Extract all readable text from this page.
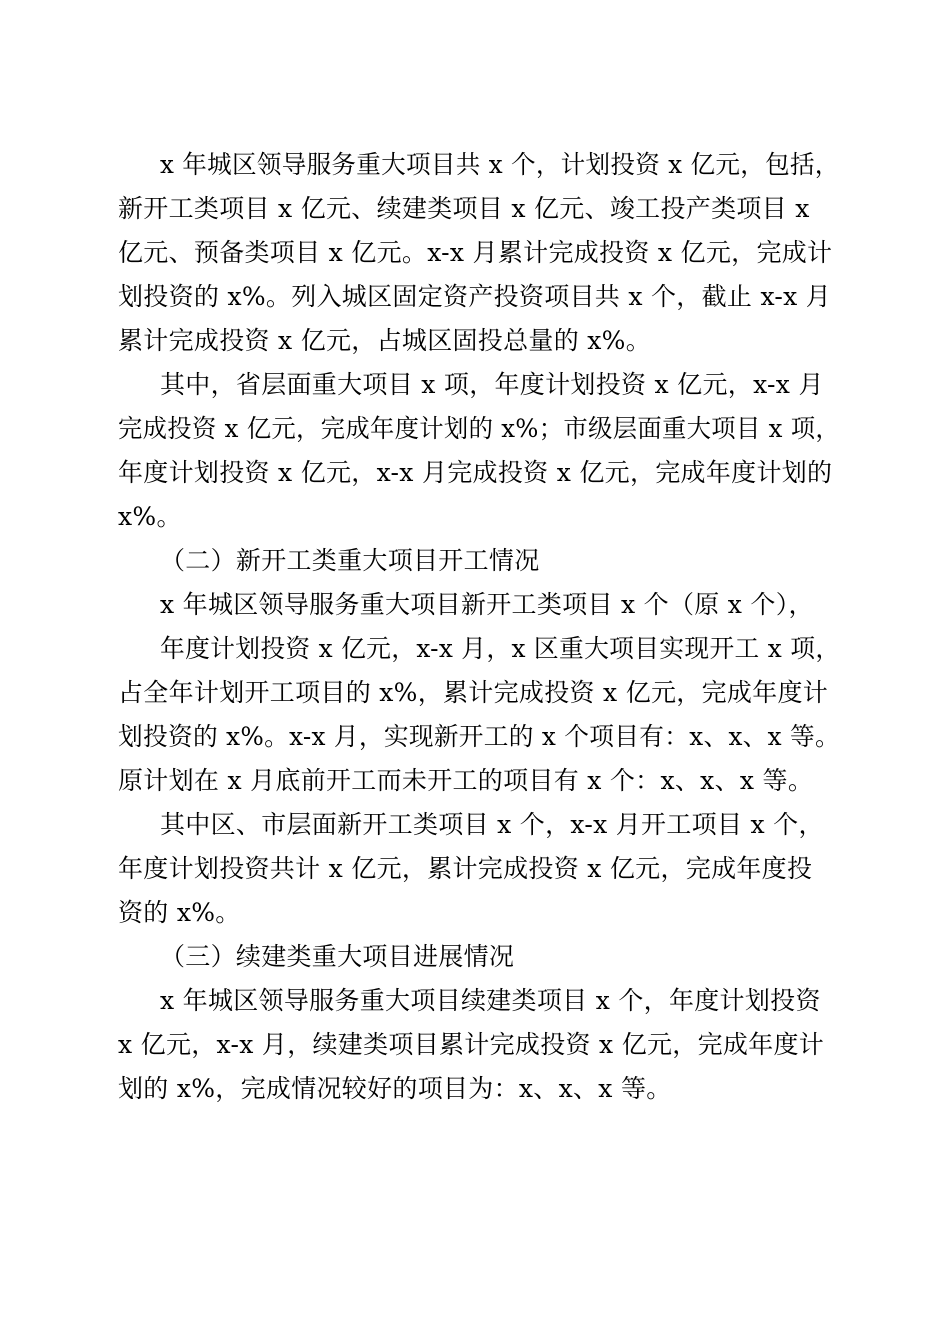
x 年城区领导服务重大项目共 x 个，计划投资 x 亿元，包括，
新开工类项目 x 亿元、续建类项目 x 亿元、竣工投产类项目 x
亿元、预备类项目 x 亿元。x-x 月累计完成投资 x 亿元，完成计
划投资的 x%。列入城区固定资产投资项目共 x 个，截止 x-x 月
累计完成投资 x 亿元，占城区固投总量的 x%。
其中，省层面重大项目 x 项，年度计划投资 x 亿元，x-x 月
完成投资 x 亿元，完成年度计划的 x%；市级层面重大项目 x 项，
年度计划投资 x 亿元，x-x 月完成投资 x 亿元，完成年度计划的
x%。
（二）新开工类重大项目开工情况
x 年城区领导服务重大项目新开工类项目 x 个（原 x 个），
年度计划投资 x 亿元，x-x 月，x 区重大项目实现开工 x 项，
占全年计划开工项目的 x%，累计完成投资 x 亿元，完成年度计
划投资的 x%。x-x 月，实现新开工的 x 个项目有：x、x、x 等。
原计划在 x 月底前开工而未开工的项目有 x 个：x、x、x 等。
其中区、市层面新开工类项目 x 个，x-x 月开工项目 x 个，
年度计划投资共计 x 亿元，累计完成投资 x 亿元，完成年度投
资的 x%。
（三）续建类重大项目进展情况
x 年城区领导服务重大项目续建类项目 x 个，年度计划投资
x 亿元，x-x 月，续建类项目累计完成投资 x 亿元，完成年度计
划的 x%，完成情况较好的项目为：x、x、x 等。
